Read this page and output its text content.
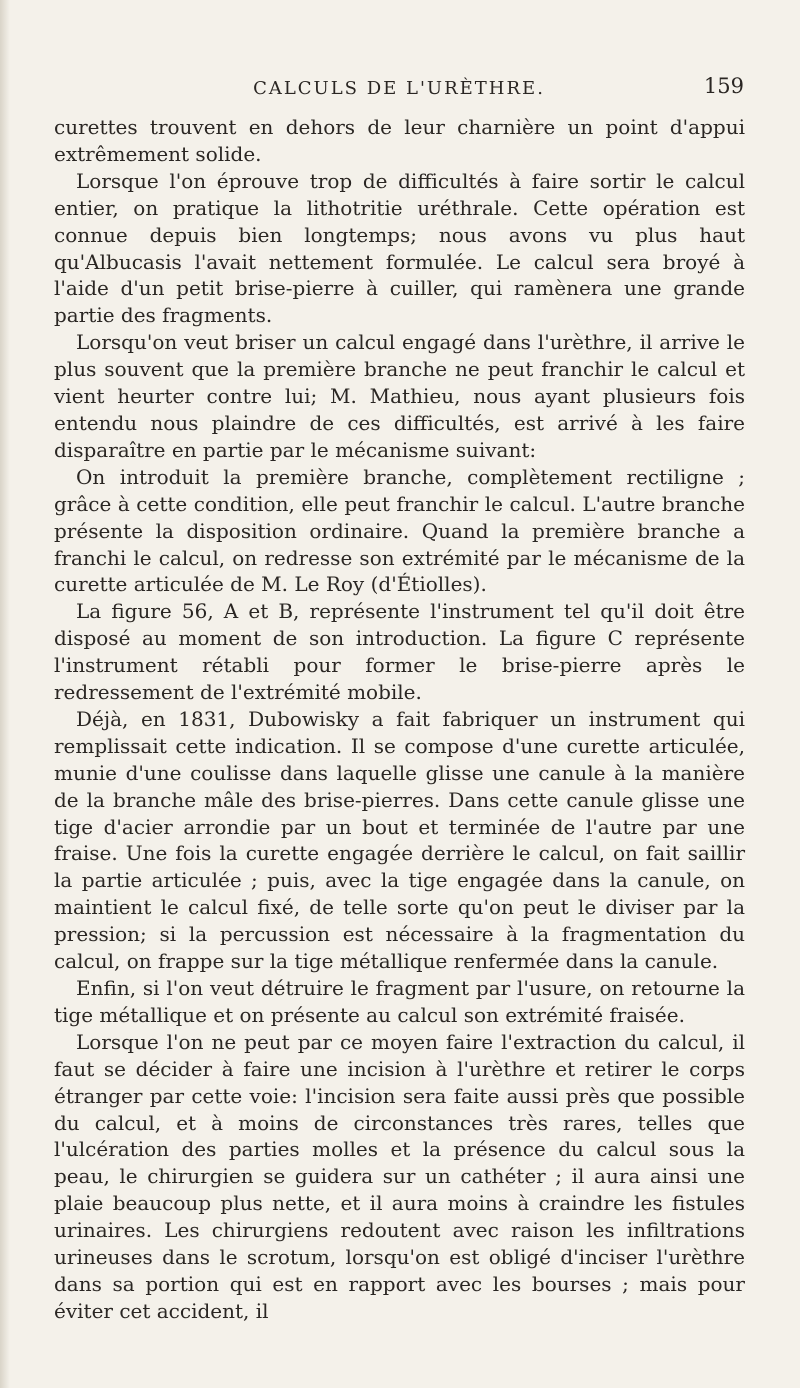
CALCULS DE L'URÈTHRE.	159

curettes trouvent en dehors de leur charnière un point d'appui extrêmement solide.

Lorsque l'on éprouve trop de difficultés à faire sortir le calcul entier, on pratique la lithotritie uréthrale. Cette opération est connue depuis bien longtemps; nous avons vu plus haut qu'Albucasis l'avait nettement formulée. Le calcul sera broyé à l'aide d'un petit brise-pierre à cuiller, qui ramènera une grande partie des fragments.

Lorsqu'on veut briser un calcul engagé dans l'urèthre, il arrive le plus souvent que la première branche ne peut franchir le calcul et vient heurter contre lui; M. Mathieu, nous ayant plusieurs fois entendu nous plaindre de ces difficultés, est arrivé à les faire disparaître en partie par le mécanisme suivant:

On introduit la première branche, complètement rectiligne ; grâce à cette condition, elle peut franchir le calcul. L'autre branche présente la disposition ordinaire. Quand la première branche a franchi le calcul, on redresse son extrémité par le mécanisme de la curette articulée de M. Le Roy (d'Étiolles).

La figure 56, A et B, représente l'instrument tel qu'il doit être disposé au moment de son introduction. La figure C représente l'instrument rétabli pour former le brise-pierre après le redressement de l'extrémité mobile.

Déjà, en 1831, Dubowisky a fait fabriquer un instrument qui remplissait cette indication. Il se compose d'une curette articulée, munie d'une coulisse dans laquelle glisse une canule à la manière de la branche mâle des brise-pierres. Dans cette canule glisse une tige d'acier arrondie par un bout et terminée de l'autre par une fraise. Une fois la curette engagée derrière le calcul, on fait saillir la partie articulée ; puis, avec la tige engagée dans la canule, on maintient le calcul fixé, de telle sorte qu'on peut le diviser par la pression; si la percussion est nécessaire à la fragmentation du calcul, on frappe sur la tige métallique renfermée dans la canule.

Enfin, si l'on veut détruire le fragment par l'usure, on retourne la tige métallique et on présente au calcul son extrémité fraisée.

Lorsque l'on ne peut par ce moyen faire l'extraction du calcul, il faut se décider à faire une incision à l'urèthre et retirer le corps étranger par cette voie: l'incision sera faite aussi près que possible du calcul, et à moins de circonstances très rares, telles que l'ulcération des parties molles et la présence du calcul sous la peau, le chirurgien se guidera sur un cathéter ; il aura ainsi une plaie beaucoup plus nette, et il aura moins à craindre les fistules urinaires. Les chirurgiens redoutent avec raison les infiltrations urineuses dans le scrotum, lorsqu'on est obligé d'inciser l'urèthre dans sa portion qui est en rapport avec les bourses ; mais pour éviter cet accident, il
